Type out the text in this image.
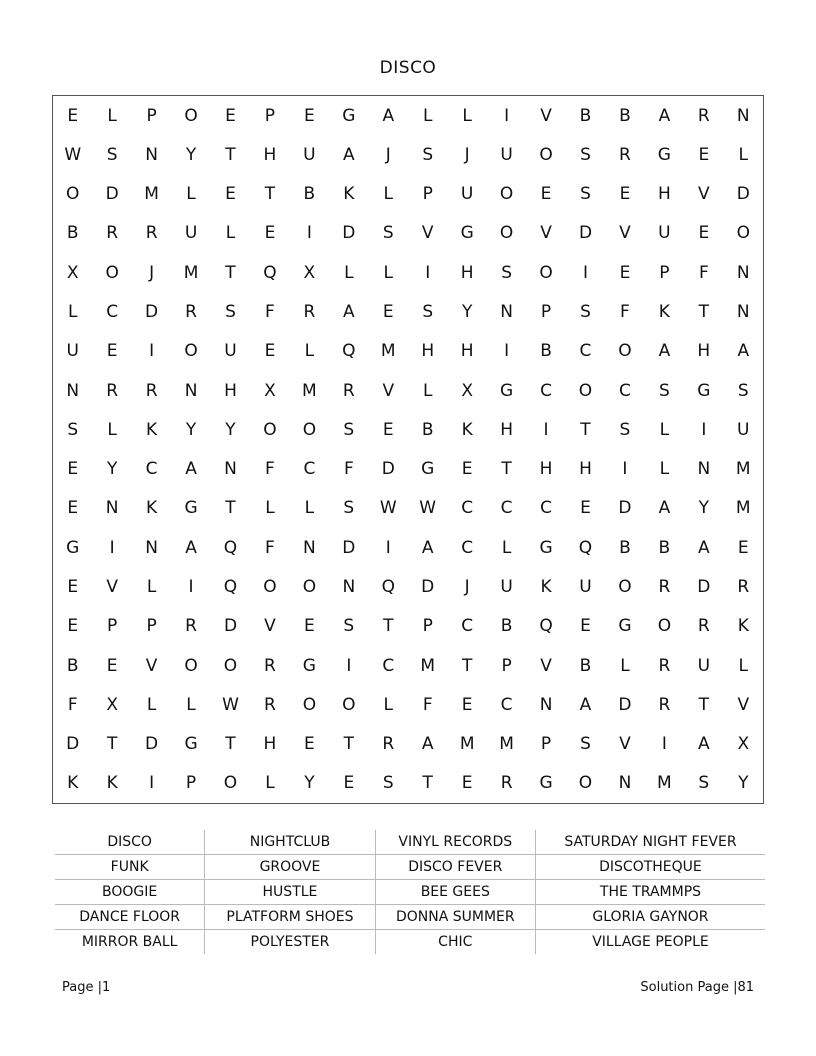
DISCO
E	L	P	O	E	P	E	G	A	L	L	I	V	B	B	A	R	N
W	S	N	Y	T	H	U	A	J	S	J	U	O	S	R	G	E	L
O	D	M	L	E	T	B	K	L	P	U	O	E	S	E	H	V	D
B	R	R	U	L	E	I	D	S	V	G	O	V	D	V	U	E	O
X	O	J	M	T	Q	X	L	L	I	H	S	O	I	E	P	F	N
L	C	D	R	S	F	R	A	E	S	Y	N	P	S	F	K	T	N
U	E	I	O	U	E	L	Q	M	H	H	I	B	C	O	A	H	A
N	R	R	N	H	X	M	R	V	L	X	G	C	O	C	S	G	S
S	L	K	Y	Y	O	O	S	E	B	K	H	I	T	S	L	I	U
E	Y	C	A	N	F	C	F	D	G	E	T	H	H	I	L	N	M
E	N	K	G	T	L	L	S	W	W	C	C	C	E	D	A	Y	M
G	I	N	A	Q	F	N	D	I	A	C	L	G	Q	B	B	A	E
E	V	L	I	Q	O	O	N	Q	D	J	U	K	U	O	R	D	R
E	P	P	R	D	V	E	S	T	P	C	B	Q	E	G	O	R	K
B	E	V	O	O	R	G	I	C	M	T	P	V	B	L	R	U	L
F	X	L	L	W	R	O	O	L	F	E	C	N	A	D	R	T	V
D	T	D	G	T	H	E	T	R	A	M	M	P	S	V	I	A	X
K	K	I	P	O	L	Y	E	S	T	E	R	G	O	N	M	S	Y
DISCO	NIGHTCLUB	VINYL RECORDS	SATURDAY NIGHT FEVER
FUNK	GROOVE	DISCO FEVER	DISCOTHEQUE
BOOGIE	HUSTLE	BEE GEES	THE TRAMMPS
DANCE FLOOR	PLATFORM SHOES	DONNA SUMMER	GLORIA GAYNOR
MIRROR BALL	POLYESTER	CHIC	VILLAGE PEOPLE
Page |1	Solution Page |81
